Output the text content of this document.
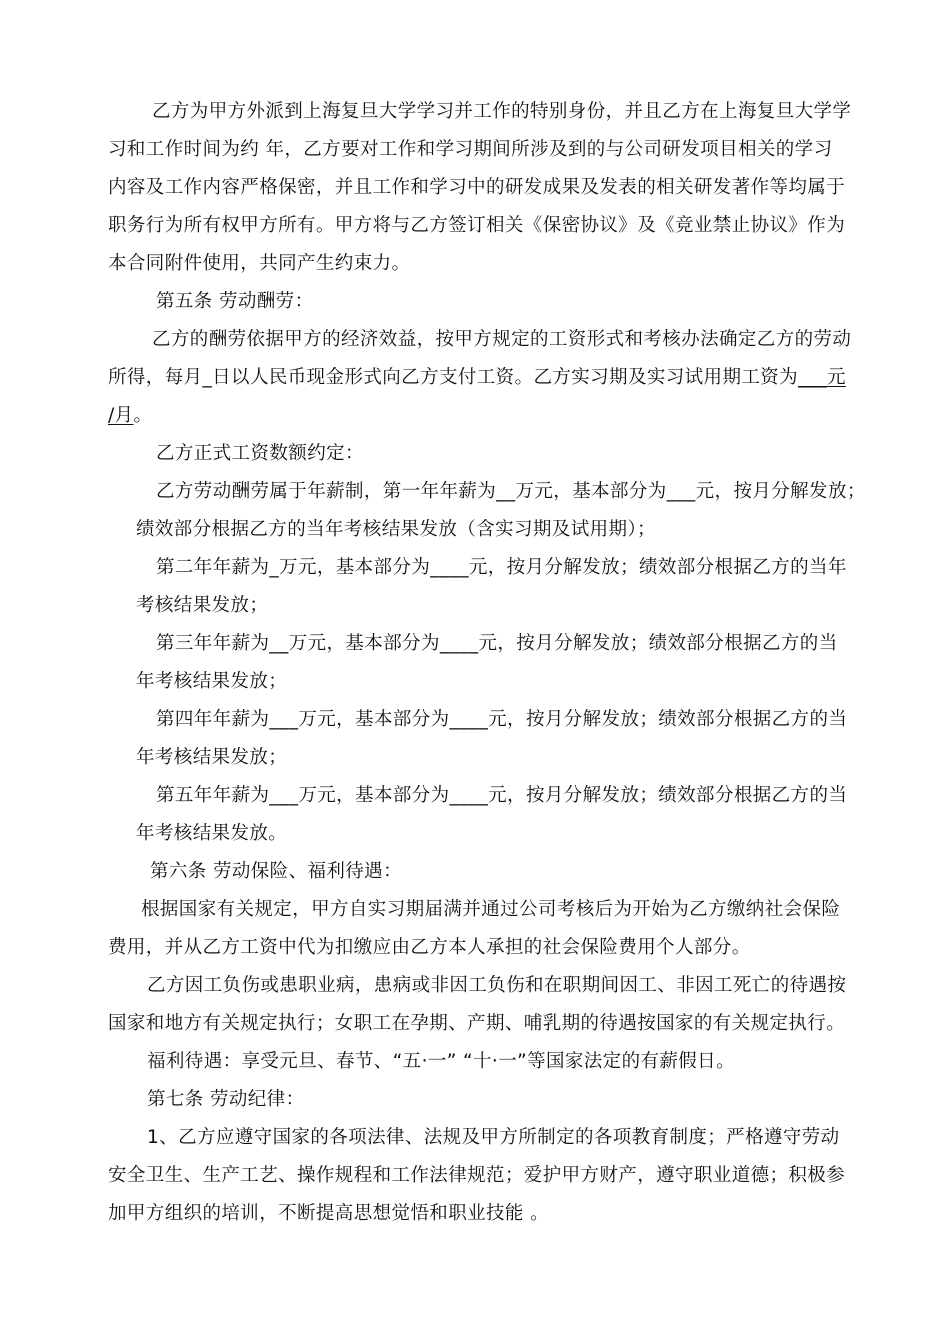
乙方为甲方外派到上海复旦大学学习并工作的特别身份，并且乙方在上海复旦大学学
习和工作时间为约 年，乙方要对工作和学习期间所涉及到的与公司研发项目相关的学习
内容及工作内容严格保密，并且工作和学习中的研发成果及发表的相关研发著作等均属于
职务行为所有权甲方所有。甲方将与乙方签订相关《保密协议》及《竞业禁止协议》作为
本合同附件使用，共同产生约束力。
第五条 劳动酬劳：
乙方的酬劳依据甲方的经济效益，按甲方规定的工资形式和考核办法确定乙方的劳动
所得，每月_日以人民币现金形式向乙方支付工资。乙方实习期及实习试用期工资为___元
/月。
乙方正式工资数额约定：
乙方劳动酬劳属于年薪制，第一年年薪为__万元，基本部分为___元，按月分解发放；
绩效部分根据乙方的当年考核结果发放（含实习期及试用期）；
第二年年薪为_万元，基本部分为____元，按月分解发放；绩效部分根据乙方的当年
考核结果发放；
第三年年薪为__万元，基本部分为____元，按月分解发放；绩效部分根据乙方的当
年考核结果发放；
第四年年薪为___万元，基本部分为____元，按月分解发放；绩效部分根据乙方的当
年考核结果发放；
第五年年薪为___万元，基本部分为____元，按月分解发放；绩效部分根据乙方的当
年考核结果发放。
第六条 劳动保险、福利待遇：
根据国家有关规定，甲方自实习期届满并通过公司考核后为开始为乙方缴纳社会保险
费用，并从乙方工资中代为扣缴应由乙方本人承担的社会保险费用个人部分。
乙方因工负伤或患职业病，患病或非因工负伤和在职期间因工、非因工死亡的待遇按
国家和地方有关规定执行；女职工在孕期、产期、哺乳期的待遇按国家的有关规定执行。
福利待遇：享受元旦、春节、“五·一” “十·一”等国家法定的有薪假日。
第七条 劳动纪律：
1、乙方应遵守国家的各项法律、法规及甲方所制定的各项教育制度；严格遵守劳动
安全卫生、生产工艺、操作规程和工作法律规范；爱护甲方财产，遵守职业道德；积极参
加甲方组织的培训，不断提高思想觉悟和职业技能 。
